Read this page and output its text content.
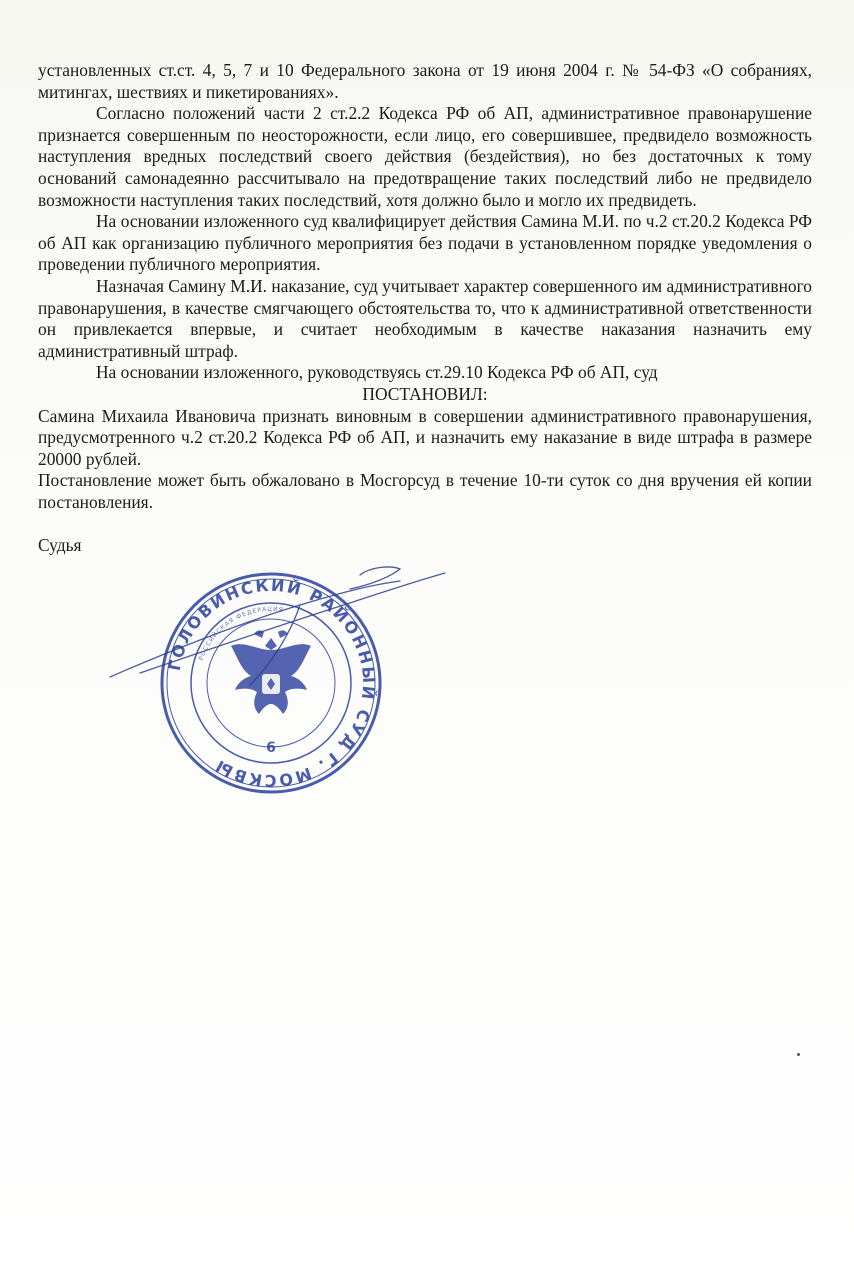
установленных ст.ст. 4, 5, 7 и 10 Федерального закона от 19 июня 2004 г. № 54-ФЗ «О собраниях, митингах, шествиях и пикетированиях».

Согласно положений части 2 ст.2.2 Кодекса РФ об АП, административное правонарушение признается совершенным по неосторожности, если лицо, его совершившее, предвидело возможность наступления вредных последствий своего действия (бездействия), но без достаточных к тому оснований самонадеянно рассчитывало на предотвращение таких последствий либо не предвидело возможности наступления таких последствий, хотя должно было и могло их предвидеть.

На основании изложенного суд квалифицирует действия Самина М.И. по ч.2 ст.20.2 Кодекса РФ об АП как организацию публичного мероприятия без подачи в установленном порядке уведомления о проведении публичного мероприятия.

Назначая Самину М.И. наказание, суд учитывает характер совершенного им административного правонарушения, в качестве смягчающего обстоятельства то, что к административной ответственности он привлекается впервые, и считает необходимым в качестве наказания назначить ему административный штраф.

На основании изложенного, руководствуясь ст.29.10 Кодекса РФ об АП, суд

ПОСТАНОВИЛ:

Самина Михаила Ивановича признать виновным в совершении административного правонарушения, предусмотренного ч.2 ст.20.2 Кодекса РФ об АП, и назначить ему наказание в виде штрафа в размере 20000 рублей.

Постановление может быть обжаловано в Мосгорсуд в течение 10-ти суток со дня вручения ей копии постановления.

Судья

ГОЛОВИНСКИЙ РАЙОННЫЙ СУД Г. МОСКВЫ
РОССИЙСКАЯ ФЕДЕРАЦИЯ
6
